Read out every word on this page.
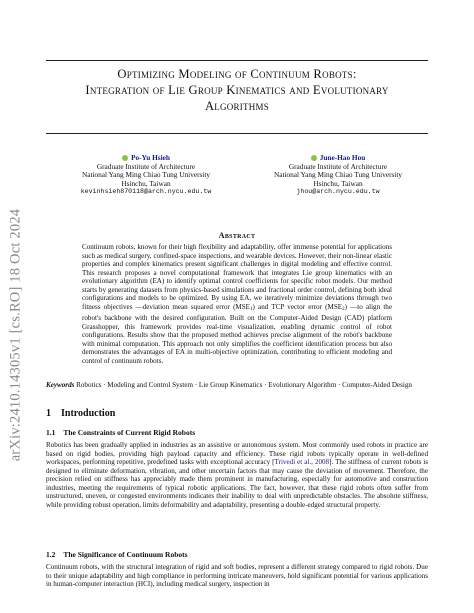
arXiv:2410.14305v1 [cs.RO] 18 Oct 2024
Optimizing Modeling of Continuum Robots:
Integration of Lie Group Kinematics and Evolutionary
Algorithms
Po-Yu Hsieh
Graduate Institute of Architecture
National Yang Ming Chiao Tung University
Hsinchu, Taiwan
kevinhsieh870118@arch.nycu.edu.tw
June-Hao Hou
Graduate Institute of Architecture
National Yang Ming Chiao Tung University
Hsinchu, Taiwan
jhou@arch.nycu.edu.tw
Abstract
Continuum robots, known for their high flexibility and adaptability, offer immense potential for applications such as medical surgery, confined-space inspections, and wearable devices. However, their non-linear elastic properties and complex kinematics present significant challenges in digital modeling and effective control. This research proposes a novel computational framework that integrates Lie group kinematics with an evolutionary algorithm (EA) to identify optimal control coefficients for specific robot models. Our method starts by generating datasets from physics-based simulations and fractional order control, defining both ideal configurations and models to be optimized. By using EA, we iteratively minimize deviations through two fitness objectives —deviation mean squared error $(MSE_1)$ and TCP vector error $(MSE_2)$ —to align the robot's backbone with the desired configuration. Built on the Computer-Aided Design (CAD) platform Grasshopper, this framework provides real-time visualization, enabling dynamic control of robot configurations. Results show that the proposed method achieves precise alignment of the robot's backbone with minimal computation. This approach not only simplifies the coefficient identification process but also demonstrates the advantages of EA in multi-objective optimization, contributing to efficient modeling and control of continuum robots.
Keywords Robotics · Modeling and Control System · Lie Group Kinematics · Evolutionary Algorithm · Computer-Aided Design
1 Introduction
1.1 The Constraints of Current Rigid Robots
Robotics has been gradually applied in industries as an assistive or autonomous system. Most commonly used robots in practice are based on rigid bodies, providing high payload capacity and efficiency. These rigid robots typically operate in well-defined workspaces, performing repetitive, predefined tasks with exceptional accuracy [Trivedi et al., 2008]. The stiffness of current robots is designed to eliminate deformation, vibration, and other uncertain factors that may cause the deviation of movement. Therefore, the precision relied on stiffness has appreciably made them prominent in manufacturing, especially for automotive and construction industries, meeting the requirements of typical robotic applications. The fact, however, that these rigid robots often suffer from unstructured, uneven, or congested environments indicates their inability to deal with unpredictable obstacles. The absolute stiffness, while providing robust operation, limits deformability and adaptability, presenting a double-edged structural property.
1.2 The Significance of Continuum Robots
Continuum robots, with the structural integration of rigid and soft bodies, represent a different strategy compared to rigid robots. Due to their unique adaptability and high compliance in performing intricate maneuvers, hold significant potential for various applications in human-computer interaction (HCI), including medical surgery, inspection in
